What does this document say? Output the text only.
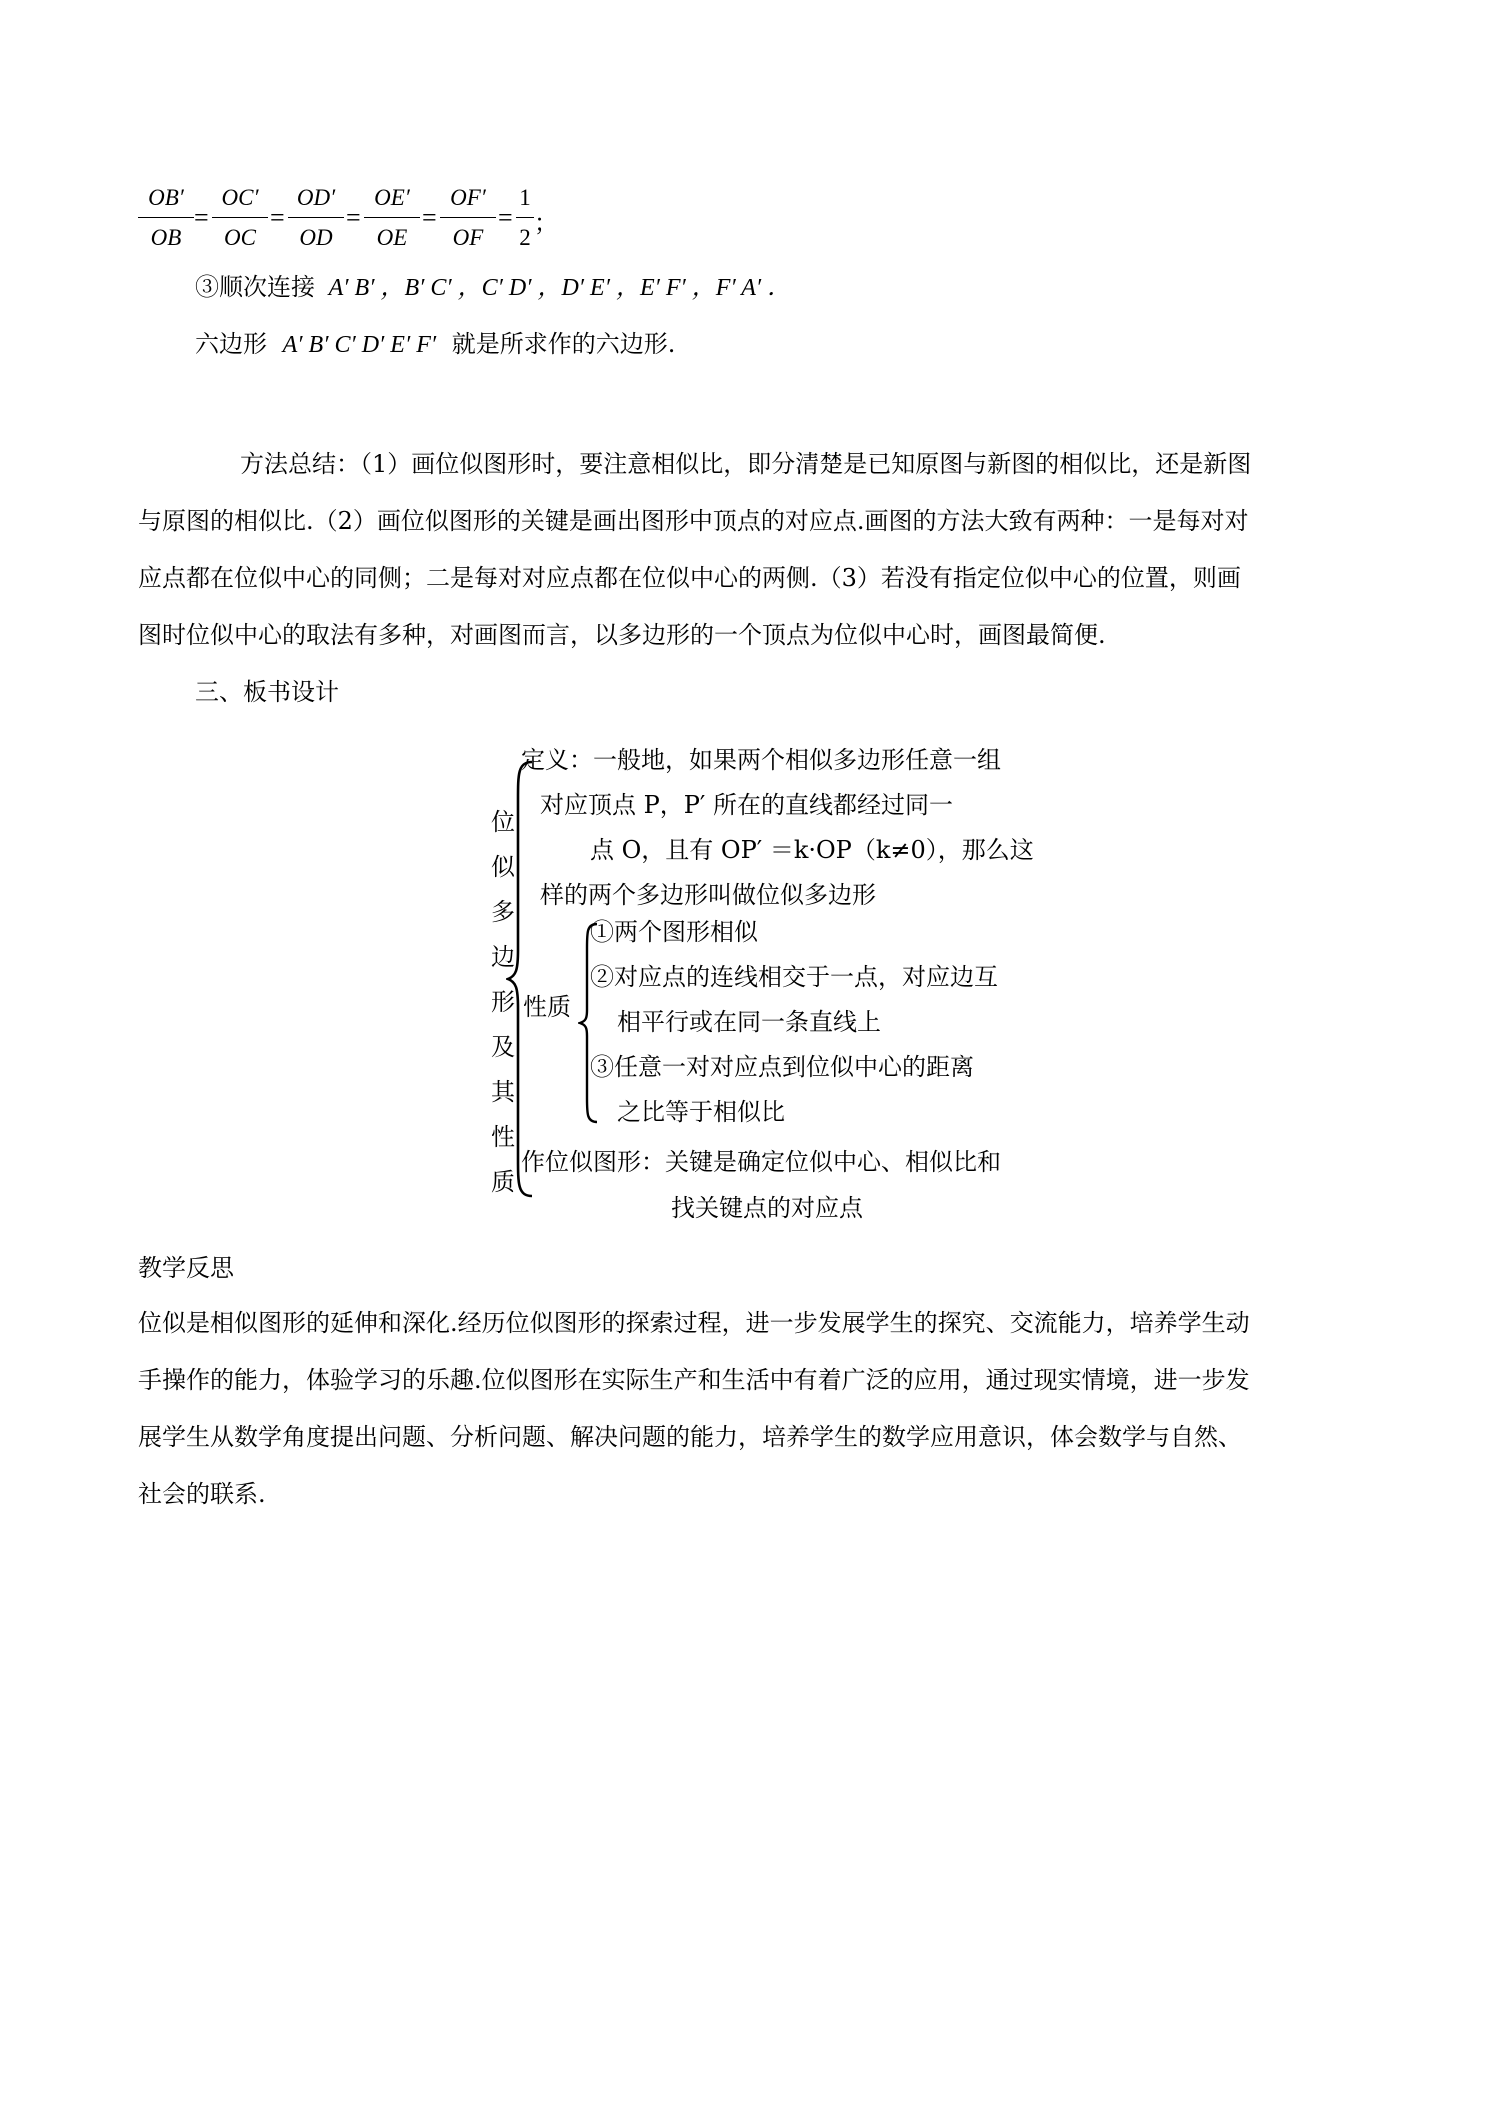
OB′
OB
=
OC′
OC
=
OD′
OD
=
OE′
OE
=
OF′
OF
=
1
2
；
③顺次连接 A′ B′ ，B′ C′ ，C′ D′ ，D′ E′ ，E′ F′ ，F′ A′ ．
六边形 A′ B′ C′ D′ E′ F′ 就是所求作的六边形.
方法总结：（1）画位似图形时，要注意相似比，即分清楚是已知原图与新图的相似比，还是新图
与原图的相似比.（2）画位似图形的关键是画出图形中顶点的对应点.画图的方法大致有两种：一是每对对
应点都在位似中心的同侧；二是每对对应点都在位似中心的两侧.（3）若没有指定位似中心的位置，则画
图时位似中心的取法有多种，对画图而言，以多边形的一个顶点为位似中心时，画图最简便.
三、板书设计
位
似
多
边
形
及
其
性
质
定义：一般地，如果两个相似多边形任意一组
对应顶点 P，P′ 所在的直线都经过同一
点 O，且有 OP′ ＝k·OP（k≠0），那么这
样的两个多边形叫做位似多边形
性质
①两个图形相似
②对应点的连线相交于一点，对应边互
相平行或在同一条直线上
③任意一对对应点到位似中心的距离
之比等于相似比
作位似图形：关键是确定位似中心、相似比和
找关键点的对应点
教学反思
位似是相似图形的延伸和深化.经历位似图形的探索过程，进一步发展学生的探究、交流能力，培养学生动
手操作的能力，体验学习的乐趣.位似图形在实际生产和生活中有着广泛的应用，通过现实情境，进一步发
展学生从数学角度提出问题、分析问题、解决问题的能力，培养学生的数学应用意识，体会数学与自然、
社会的联系.
